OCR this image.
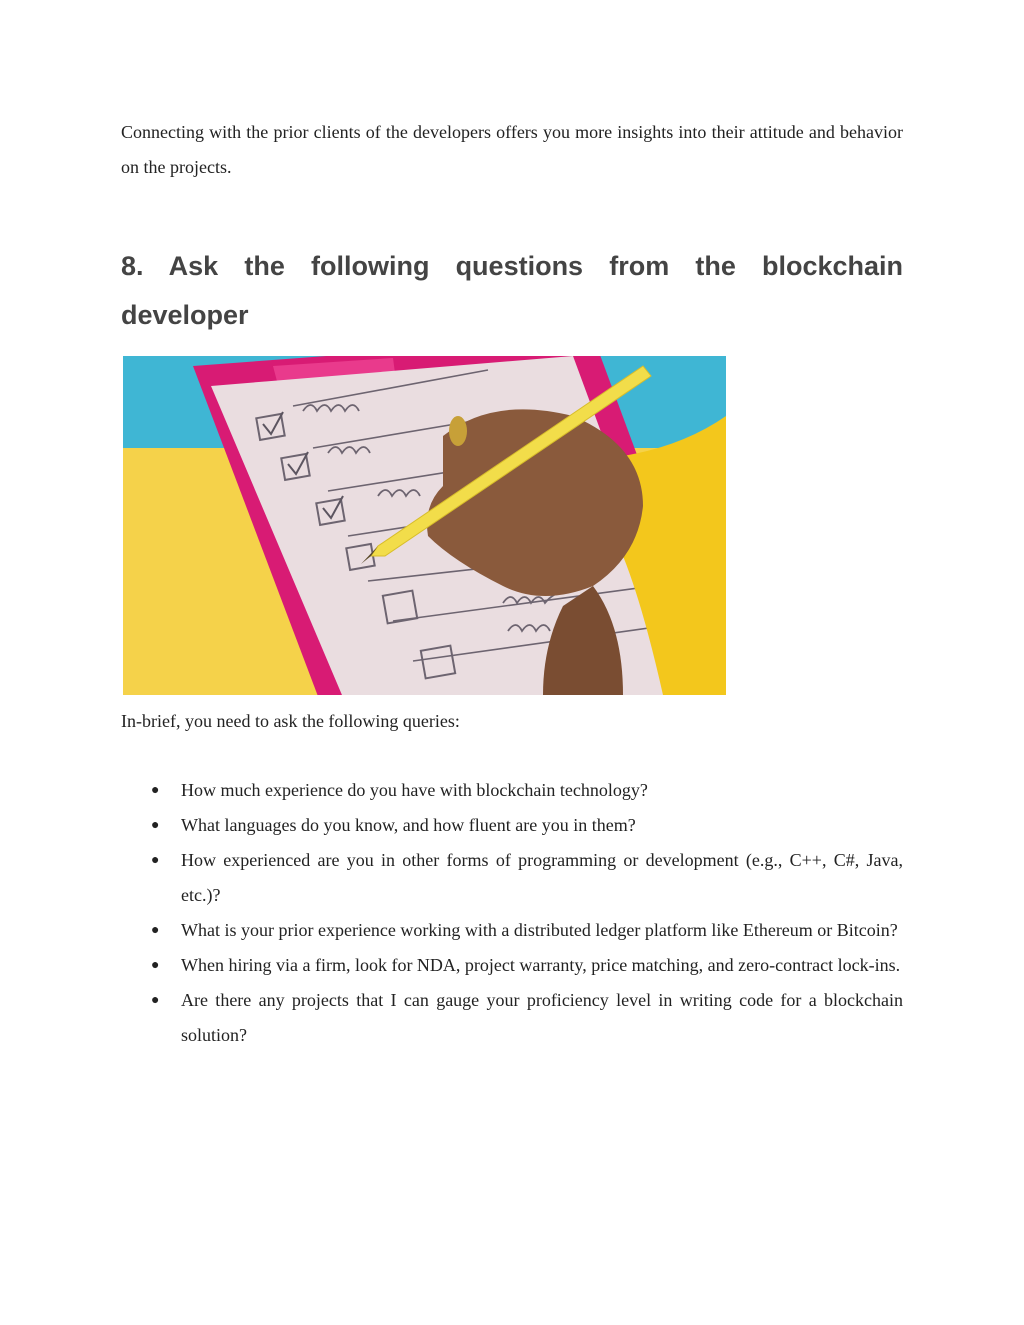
Connecting with the prior clients of the developers offers you more insights into their attitude and behavior on the projects.

8. Ask the following questions from the blockchain
developer

In-brief, you need to ask the following queries:

● How much experience do you have with blockchain technology?
● What languages do you know, and how fluent are you in them?
● How experienced are you in other forms of programming or development (e.g., C++, C#, Java, etc.)?
● What is your prior experience working with a distributed ledger platform like Ethereum or Bitcoin?
● When hiring via a firm, look for NDA, project warranty, price matching, and zero-contract lock-ins.
● Are there any projects that I can gauge your proficiency level in writing code for a blockchain solution?
